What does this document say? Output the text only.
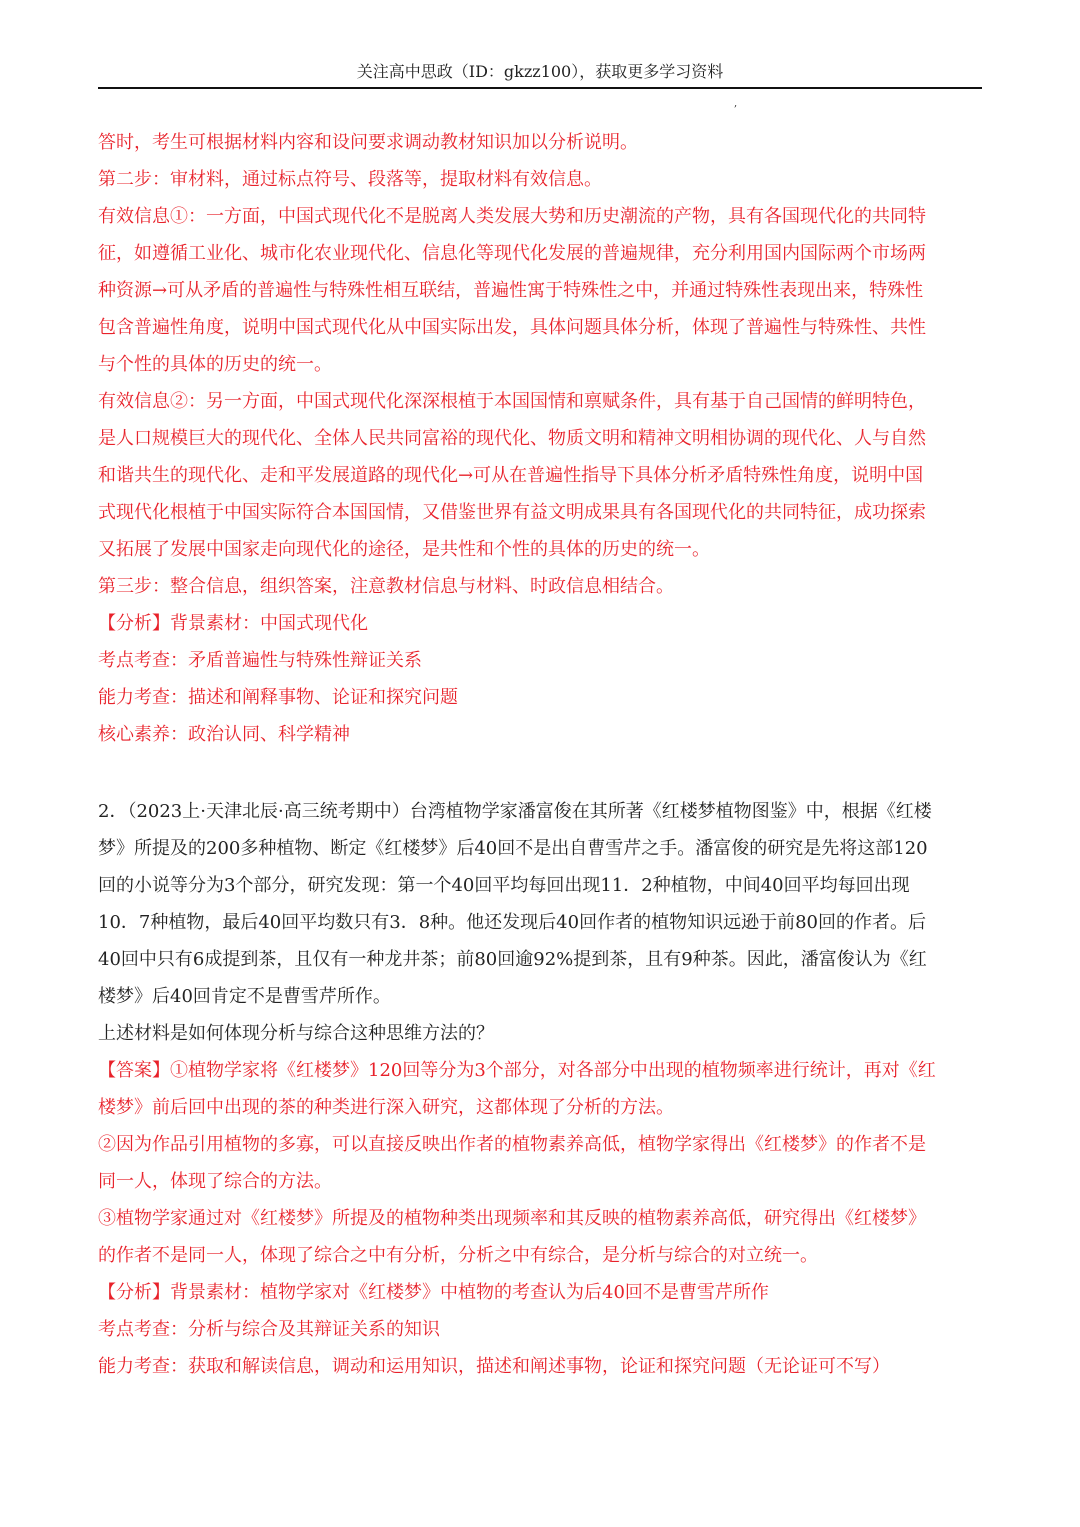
关注高中思政（ID：gkzz100），获取更多学习资料
,

答时，考生可根据材料内容和设问要求调动教材知识加以分析说明。

第二步：审材料，通过标点符号、段落等，提取材料有效信息。

有效信息①：一方面，中国式现代化不是脱离人类发展大势和历史潮流的产物，具有各国现代化的共同特

征，如遵循工业化、城市化农业现代化、信息化等现代化发展的普遍规律，充分利用国内国际两个市场两

种资源→可从矛盾的普遍性与特殊性相互联结，普遍性寓于特殊性之中，并通过特殊性表现出来，特殊性

包含普遍性角度，说明中国式现代化从中国实际出发，具体问题具体分析，体现了普遍性与特殊性、共性

与个性的具体的历史的统一。

有效信息②：另一方面，中国式现代化深深根植于本国国情和禀赋条件，具有基于自己国情的鲜明特色，

是人口规模巨大的现代化、全体人民共同富裕的现代化、物质文明和精神文明相协调的现代化、人与自然

和谐共生的现代化、走和平发展道路的现代化→可从在普遍性指导下具体分析矛盾特殊性角度，说明中国

式现代化根植于中国实际符合本国国情，又借鉴世界有益文明成果具有各国现代化的共同特征，成功探索

又拓展了发展中国家走向现代化的途径，是共性和个性的具体的历史的统一。

第三步：整合信息，组织答案，注意教材信息与材料、时政信息相结合。

【分析】背景素材：中国式现代化

考点考查：矛盾普遍性与特殊性辩证关系

能力考查：描述和阐释事物、论证和探究问题

核心素养：政治认同、科学精神

2．（2023上·天津北辰·高三统考期中）台湾植物学家潘富俊在其所著《红楼梦植物图鉴》中，根据《红楼

梦》所提及的200多种植物、断定《红楼梦》后40回不是出自曹雪芹之手。潘富俊的研究是先将这部120

回的小说等分为3个部分，研究发现：第一个40回平均每回出现11．2种植物，中间40回平均每回出现

10．7种植物，最后40回平均数只有3．8种。他还发现后40回作者的植物知识远逊于前80回的作者。后

40回中只有6成提到茶，且仅有一种龙井茶；前80回逾92%提到茶，且有9种茶。因此，潘富俊认为《红

楼梦》后40回肯定不是曹雪芹所作。

上述材料是如何体现分析与综合这种思维方法的？

【答案】①植物学家将《红楼梦》120回等分为3个部分，对各部分中出现的植物频率进行统计，再对《红

楼梦》前后回中出现的茶的种类进行深入研究，这都体现了分析的方法。

②因为作品引用植物的多寡，可以直接反映出作者的植物素养高低，植物学家得出《红楼梦》的作者不是

同一人，体现了综合的方法。

③植物学家通过对《红楼梦》所提及的植物种类出现频率和其反映的植物素养高低，研究得出《红楼梦》

的作者不是同一人，体现了综合之中有分析，分析之中有综合，是分析与综合的对立统一。

【分析】背景素材：植物学家对《红楼梦》中植物的考查认为后40回不是曹雪芹所作

考点考查：分析与综合及其辩证关系的知识

能力考查：获取和解读信息，调动和运用知识，描述和阐述事物，论证和探究问题（无论证可不写）
